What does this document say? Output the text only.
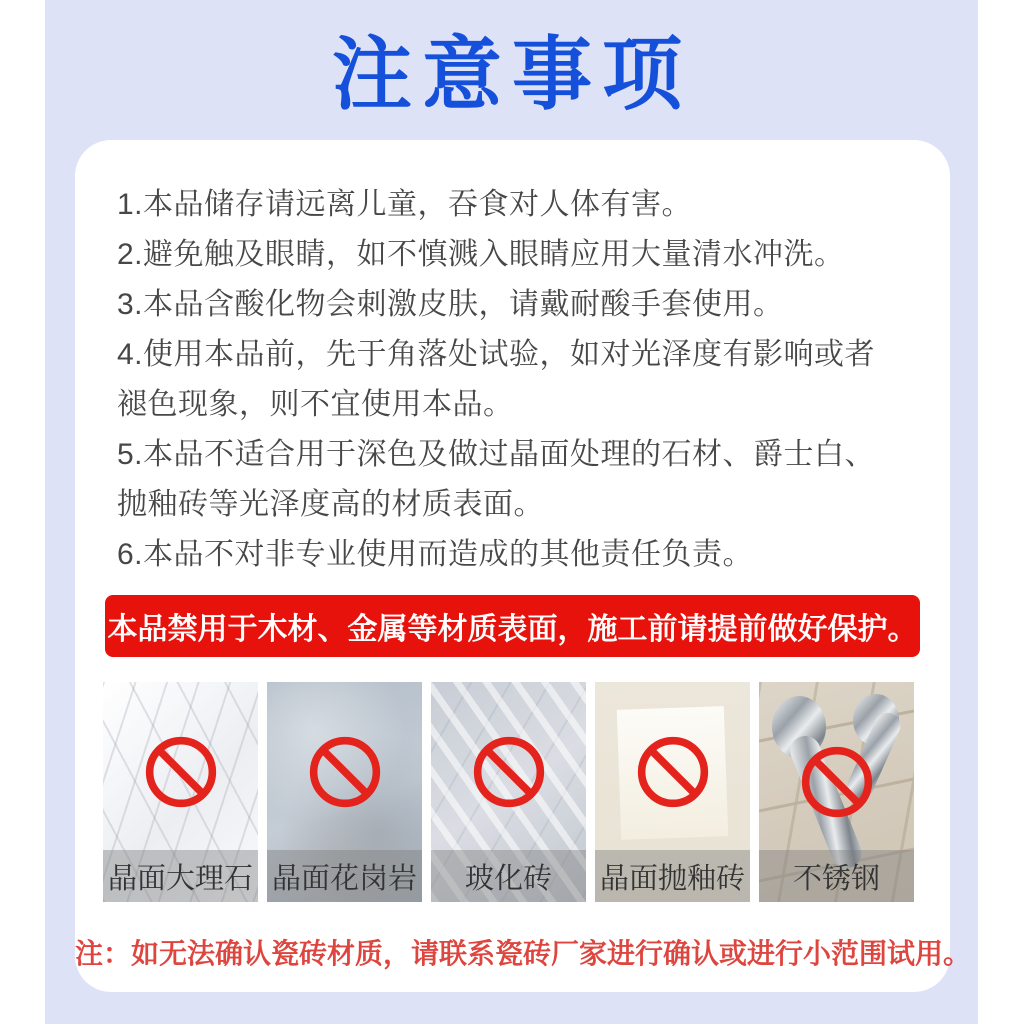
注意事项
1.本品储存请远离儿童，吞食对人体有害。
2.避免触及眼睛，如不慎溅入眼睛应用大量清水冲洗。
3.本品含酸化物会刺激皮肤，请戴耐酸手套使用。
4.使用本品前，先于角落处试验，如对光泽度有影响或者褪色现象，则不宜使用本品。
5.本品不适合用于深色及做过晶面处理的石材、爵士白、抛釉砖等光泽度高的材质表面。
6.本品不对非专业使用而造成的其他责任负责。
本品禁用于木材、金属等材质表面，施工前请提前做好保护。
晶面大理石 晶面花岗岩	玻化砖	晶面抛釉砖	不锈钢
注：如无法确认瓷砖材质，请联系瓷砖厂家进行确认或进行小范围试用。
